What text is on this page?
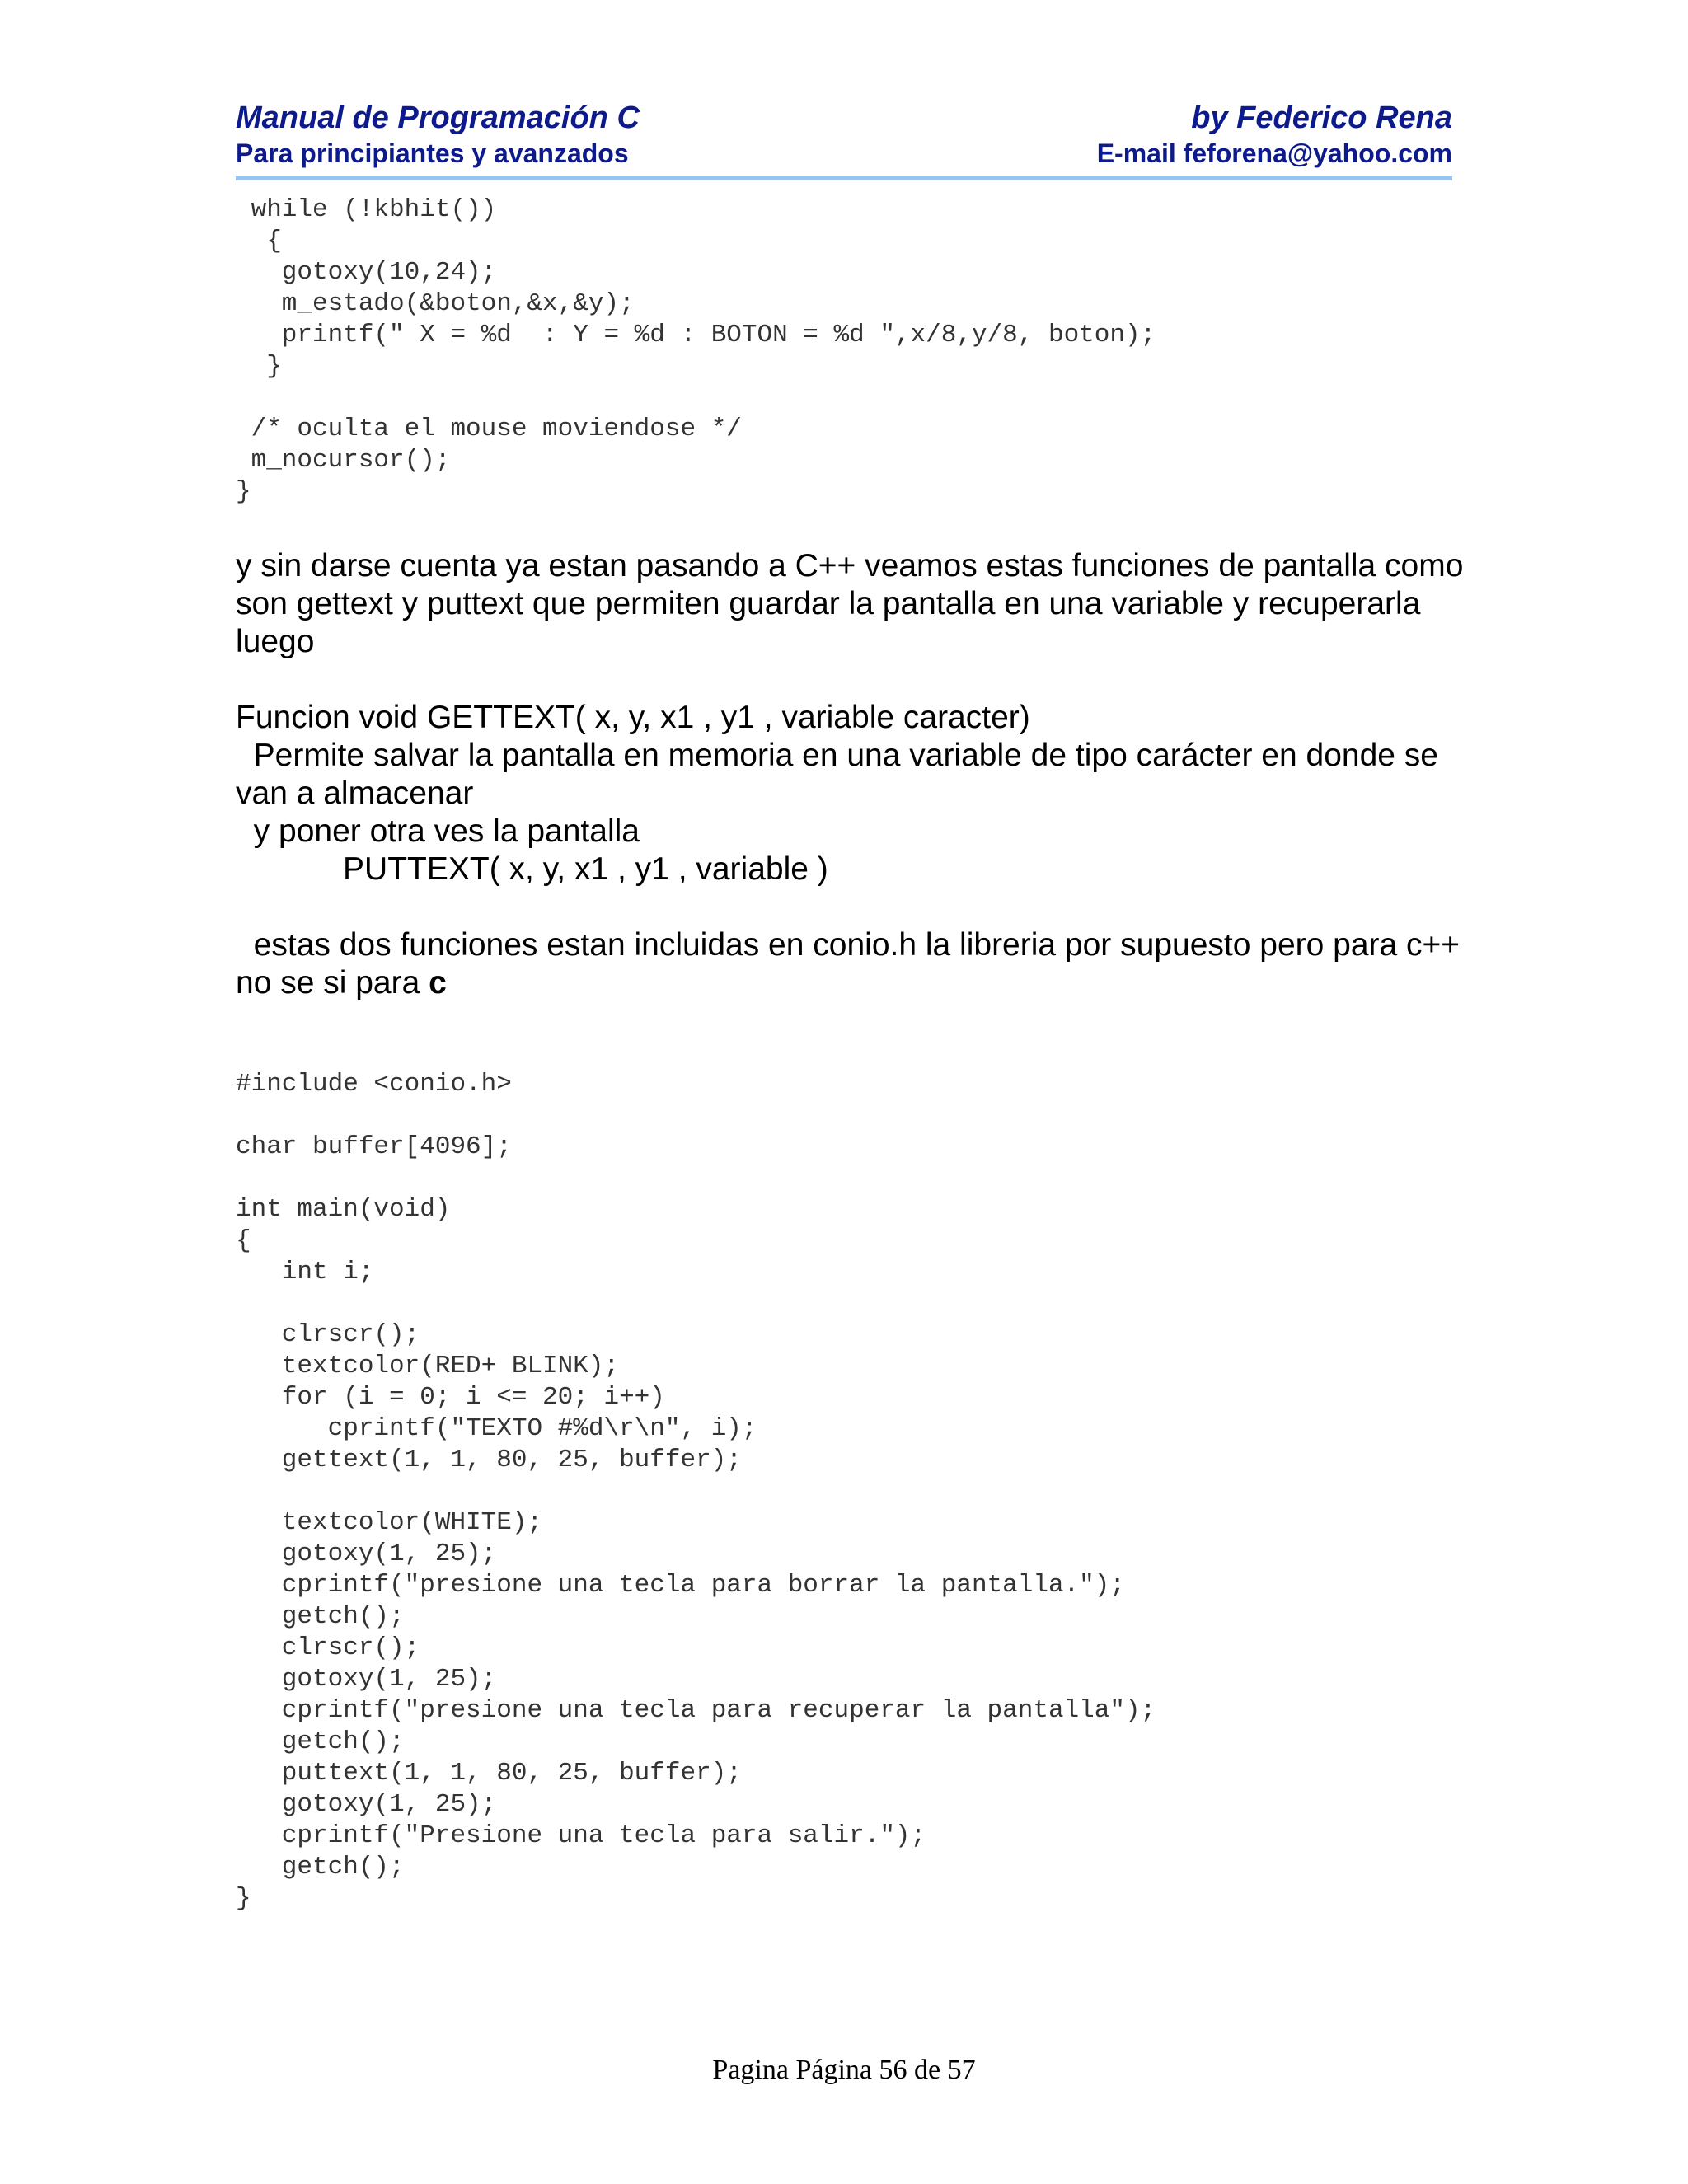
Manual de Programación C	by Federico Rena
Para principiantes y avanzados	E-mail feforena@yahoo.com
while (!kbhit())
{
gotoxy(10,24);
m_estado(&boton,&x,&y);
printf(" X = %d  : Y = %d : BOTON = %d ",x/8,y/8, boton);
}

/* oculta el mouse moviendose */
m_nocursor();
}

y sin darse cuenta ya estan pasando a C++ veamos estas funciones de pantalla como son gettext y puttext que permiten guardar la pantalla en una variable y recuperarla luego

Funcion void GETTEXT( x, y, x1 , y1 , variable caracter)

Permite salvar la pantalla en memoria en una variable de tipo carácter en donde se van a almacenar

y poner otra ves la pantalla

PUTTEXT( x, y, x1 , y1 , variable )

estas dos funciones estan incluidas en conio.h la libreria por supuesto pero para c++ no se si para c

#include <conio.h>

char buffer[4096];

int main(void)
{
int i;

clrscr();
textcolor(RED+ BLINK);
for (i = 0; i <= 20; i++)
cprintf("TEXTO #%d\r\n", i);
gettext(1, 1, 80, 25, buffer);

textcolor(WHITE);
gotoxy(1, 25);
cprintf("presione una tecla para borrar la pantalla.");
getch();
clrscr();
gotoxy(1, 25);
cprintf("presione una tecla para recuperar la pantalla");
getch();
puttext(1, 1, 80, 25, buffer);
gotoxy(1, 25);
cprintf("Presione una tecla para salir.");
getch();
}
Pagina Página 56 de 57
